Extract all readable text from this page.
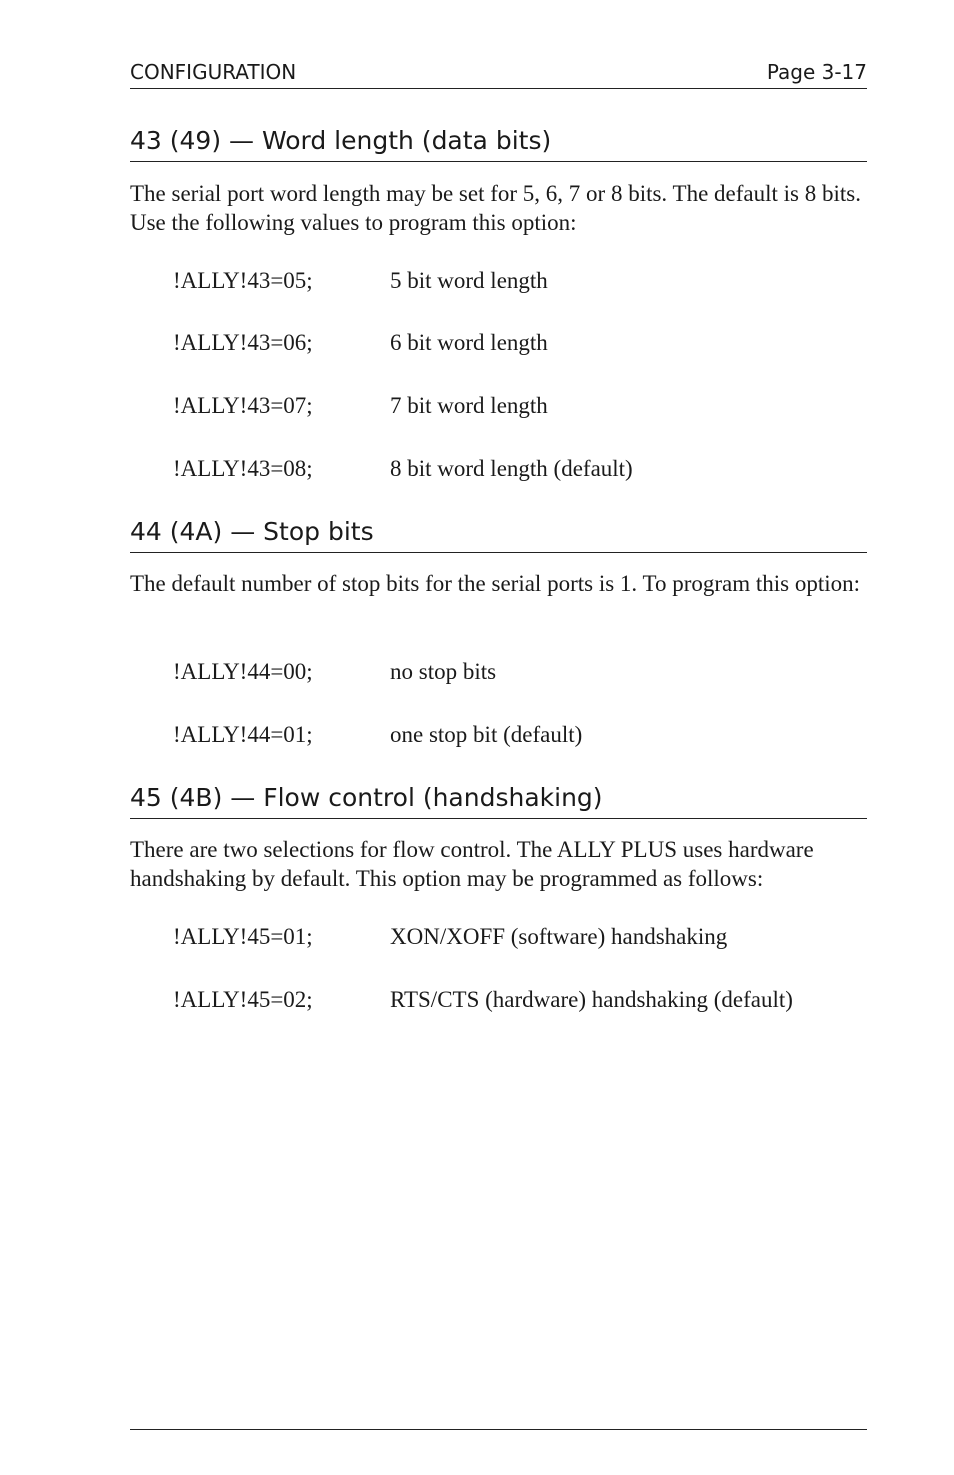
CONFIGURATION	Page 3-17
43 (49) — Word length (data bits)
The serial port word length may be set for 5, 6, 7 or 8 bits. The default is 8 bits. Use the following values to program this option:
!ALLY!43=05;	5 bit word length
!ALLY!43=06;	6 bit word length
!ALLY!43=07;	7 bit word length
!ALLY!43=08;	8 bit word length (default)
44 (4A) — Stop bits
The default number of stop bits for the serial ports is 1. To program this option:
!ALLY!44=00;	no stop bits
!ALLY!44=01;	one stop bit (default)
45 (4B) — Flow control (handshaking)
There are two selections for flow control. The ALLY PLUS uses hardware handshaking by default. This option may be programmed as follows:
!ALLY!45=01;	XON/XOFF (software) handshaking
!ALLY!45=02;	RTS/CTS (hardware) handshaking (default)
